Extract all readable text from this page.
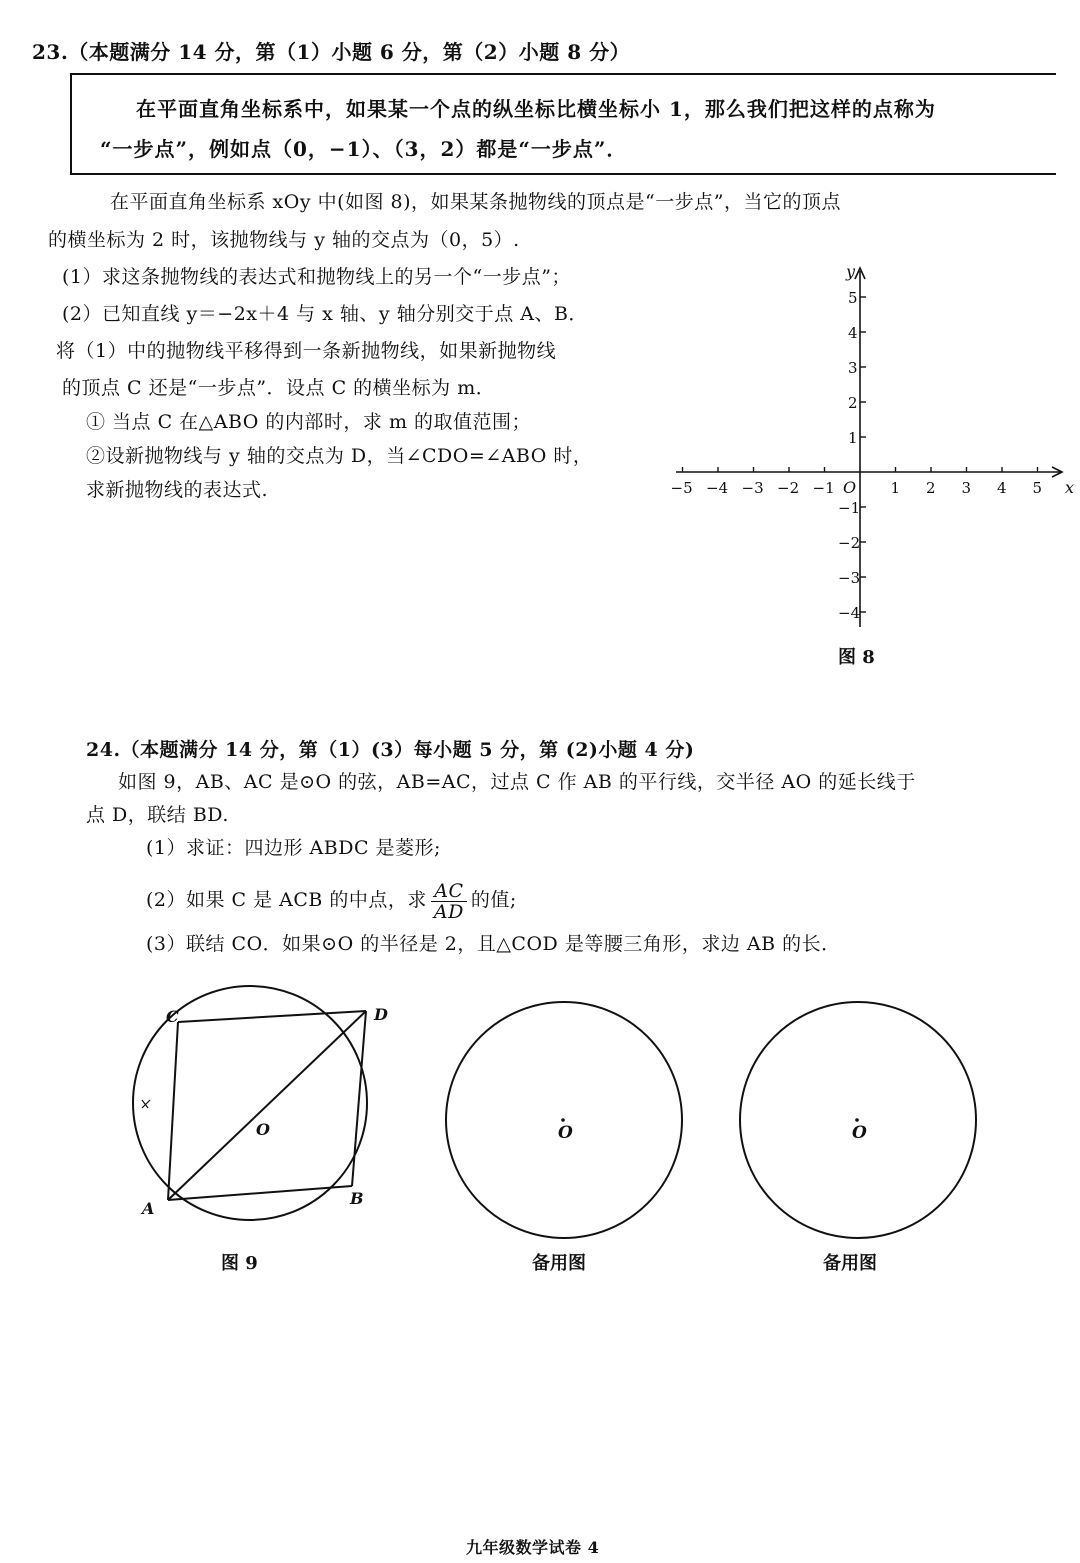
23.（本题满分 14 分，第（1）小题 6 分，第（2）小题 8 分）
在平面直角坐标系中，如果某一个点的纵坐标比横坐标小 1，那么我们把这样的点称为
“一步点”，例如点（0，−1）、（3，2）都是“一步点”．
在平面直角坐标系 xOy 中(如图 8)，如果某条抛物线的顶点是“一步点”，当它的顶点
的横坐标为 2 时，该抛物线与 y 轴的交点为（0，5）.
(1）求这条抛物线的表达式和抛物线上的另一个“一步点”；
(2）已知直线 y＝−2x＋4 与 x 轴、y 轴分别交于点 A、B．
将（1）中的抛物线平移得到一条新抛物线，如果新抛物线
的顶点 C 还是“一步点”．设点 C 的横坐标为 m．
① 当点 C 在△ABO 的内部时，求 m 的取值范围；
②设新抛物线与 y 轴的交点为 D，当∠CDO=∠ABO 时，
求新抛物线的表达式.	−5 −4 −3 −2 −1	1 2 3 4 5
5
4
3
2
1
−1
−2
−3
−4
x
y
O
图 8
24.（本题满分 14 分，第（1）(3）每小题 5 分，第 (2)小题 4 分)
如图 9，AB、AC 是⊙O 的弦，AB=AC，过点 C 作 AB 的平行线，交半径 AO 的延长线于
点 D，联结 BD.
(1）求证：四边形 ABDC 是菱形;
(2）如果 C 是 ACB 的中点，求 $\frac{AC}{AD}$ 的值;
(3）联结 CO．如果⊙O 的半径是 2，且△COD 是等腰三角形，求边 AB 的长．
C	D
O
A
B
图 9
O
备用图
O
备用图
九年级数学试卷 4
